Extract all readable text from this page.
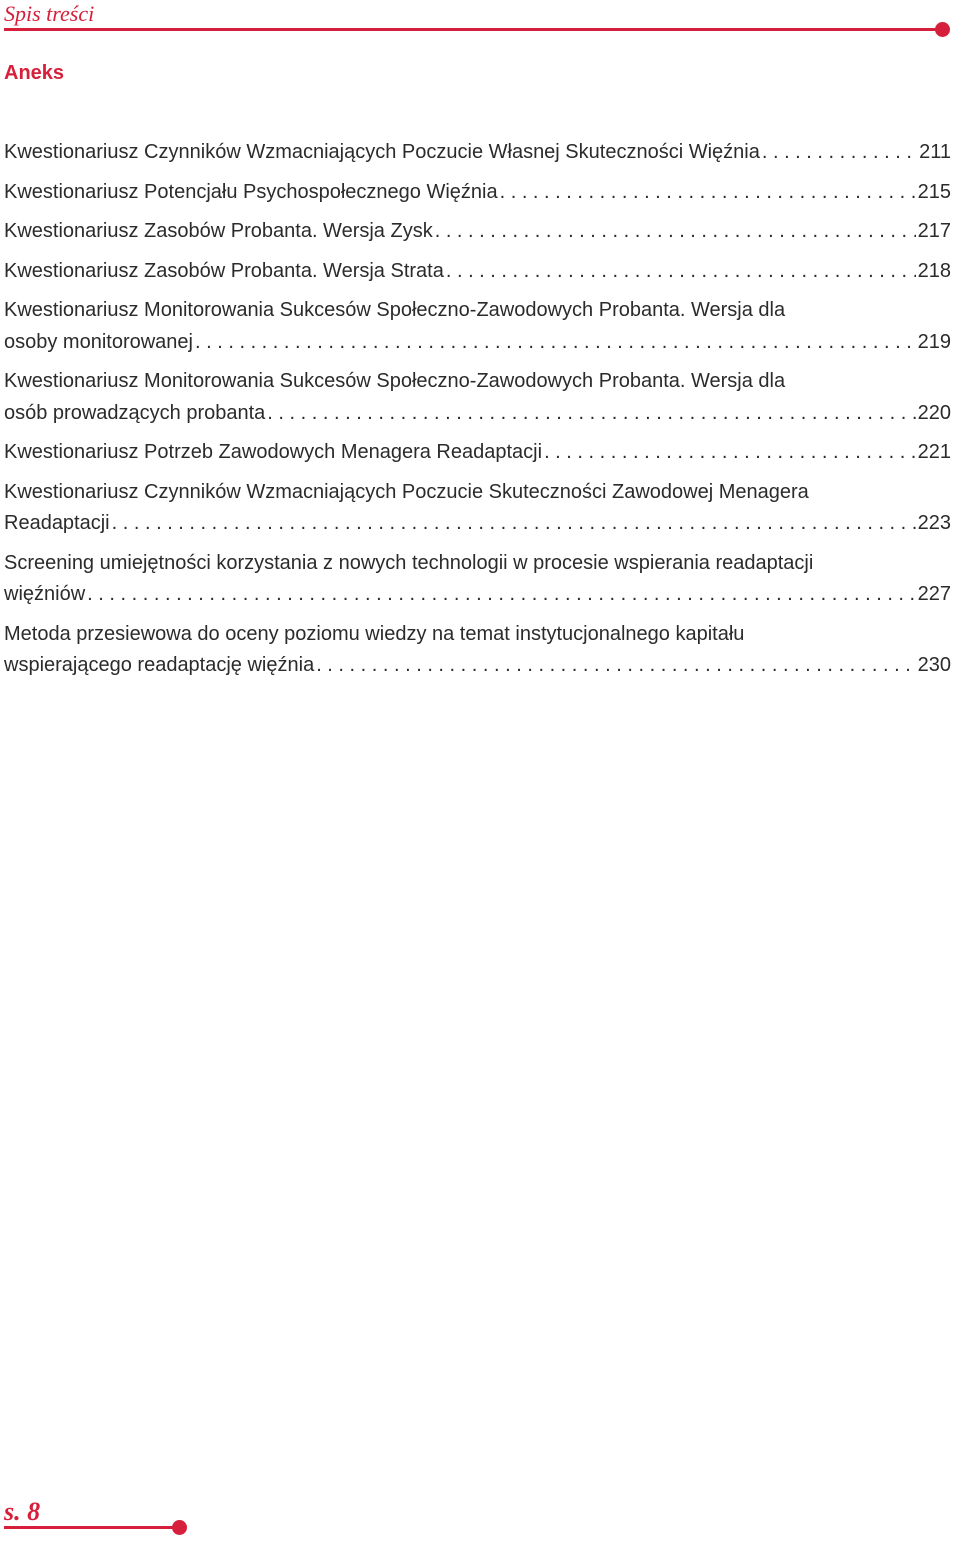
Spis treści
Aneks
Kwestionariusz Czynników Wzmacniających Poczucie Własnej Skuteczności Więźnia . . .	211
Kwestionariusz Potencjału Psychospołecznego Więźnia . . .	215
Kwestionariusz Zasobów Probanta. Wersja Zysk . . .	217
Kwestionariusz Zasobów Probanta. Wersja Strata . . .	218
Kwestionariusz Monitorowania Sukcesów Społeczno-Zawodowych Probanta. Wersja dla
osoby monitorowanej . . .	219
Kwestionariusz Monitorowania Sukcesów Społeczno-Zawodowych Probanta. Wersja dla
osób prowadzących probanta . . .	220
Kwestionariusz Potrzeb Zawodowych Menagera Readaptacji . . .	221
Kwestionariusz Czynników Wzmacniających Poczucie Skuteczności Zawodowej Menagera
Readaptacji . . .	223
Screening umiejętności korzystania z nowych technologii w procesie wspierania readaptacji
więźniów . . .	227
Metoda przesiewowa do oceny poziomu wiedzy na temat instytucjonalnego kapitału
wspierającego readaptację więźnia . . .	230
s. 8
